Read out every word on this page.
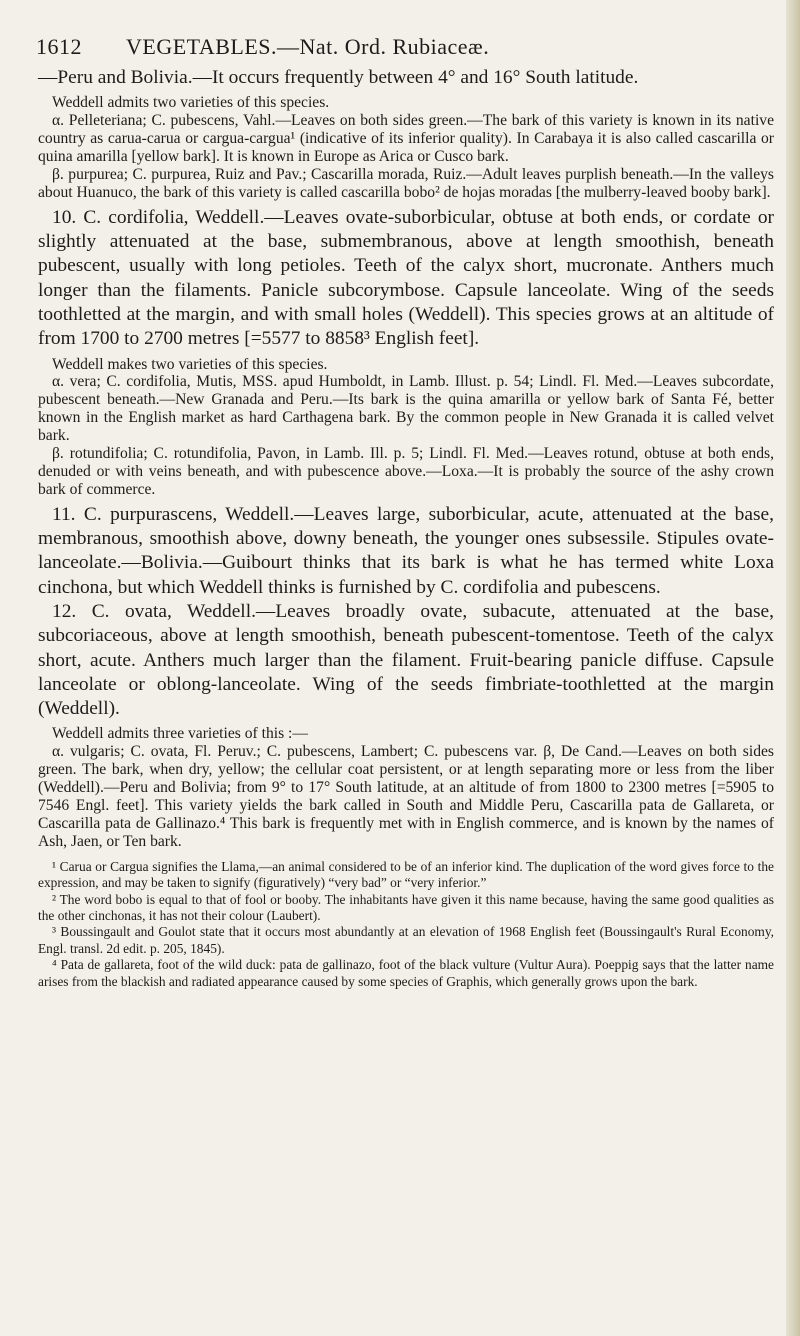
1612 VEGETABLES.—Nat. Ord. Rubiaceæ.

—Peru and Bolivia.—It occurs frequently between 4° and 16° South latitude.

Weddell admits two varieties of this species.

α. Pelleteriana; C. pubescens, Vahl.—Leaves on both sides green.—The bark of this variety is known in its native country as carua-carua or cargua-cargua¹ (indicative of its inferior quality). In Carabaya it is also called cascarilla or quina amarilla [yellow bark]. It is known in Europe as Arica or Cusco bark.

β. purpurea; C. purpurea, Ruiz and Pav.; Cascarilla morada, Ruiz.—Adult leaves purplish beneath.—In the valleys about Huanuco, the bark of this variety is called cascarilla bobo² de hojas moradas [the mulberry-leaved booby bark].

10. C. cordifolia, Weddell.—Leaves ovate-suborbicular, obtuse at both ends, or cordate or slightly attenuated at the base, submembranous, above at length smoothish, beneath pubescent, usually with long petioles. Teeth of the calyx short, mucronate. Anthers much longer than the filaments. Panicle subcorymbose. Capsule lanceolate. Wing of the seeds toothletted at the margin, and with small holes (Weddell). This species grows at an altitude of from 1700 to 2700 metres [=5577 to 8858³ English feet].

Weddell makes two varieties of this species.

α. vera; C. cordifolia, Mutis, MSS. apud Humboldt, in Lamb. Illust. p. 54; Lindl. Fl. Med.—Leaves subcordate, pubescent beneath.—New Granada and Peru.—Its bark is the quina amarilla or yellow bark of Santa Fé, better known in the English market as hard Carthagena bark. By the common people in New Granada it is called velvet bark.

β. rotundifolia; C. rotundifolia, Pavon, in Lamb. Ill. p. 5; Lindl. Fl. Med.—Leaves rotund, obtuse at both ends, denuded or with veins beneath, and with pubescence above.—Loxa.—It is probably the source of the ashy crown bark of commerce.

11. C. purpurascens, Weddell.—Leaves large, suborbicular, acute, attenuated at the base, membranous, smoothish above, downy beneath, the younger ones subsessile. Stipules ovate-lanceolate.—Bolivia.—Guibourt thinks that its bark is what he has termed white Loxa cinchona, but which Weddell thinks is furnished by C. cordifolia and pubescens.

12. C. ovata, Weddell.—Leaves broadly ovate, subacute, attenuated at the base, subcoriaceous, above at length smoothish, beneath pubescent-tomentose. Teeth of the calyx short, acute. Anthers much larger than the filament. Fruit-bearing panicle diffuse. Capsule lanceolate or oblong-lanceolate. Wing of the seeds fimbriate-toothletted at the margin (Weddell).

Weddell admits three varieties of this :—

α. vulgaris; C. ovata, Fl. Peruv.; C. pubescens, Lambert; C. pubescens var. β, De Cand.—Leaves on both sides green. The bark, when dry, yellow; the cellular coat persistent, or at length separating more or less from the liber (Weddell).—Peru and Bolivia; from 9° to 17° South latitude, at an altitude of from 1800 to 2300 metres [=5905 to 7546 Engl. feet]. This variety yields the bark called in South and Middle Peru, Cascarilla pata de Gallareta, or Cascarilla pata de Gallinazo.⁴ This bark is frequently met with in English commerce, and is known by the names of Ash, Jaen, or Ten bark.

¹ Carua or Cargua signifies the Llama,—an animal considered to be of an inferior kind. The duplication of the word gives force to the expression, and may be taken to signify (figuratively) “very bad” or “very inferior.”

² The word bobo is equal to that of fool or booby. The inhabitants have given it this name because, having the same good qualities as the other cinchonas, it has not their colour (Laubert).

³ Boussingault and Goulot state that it occurs most abundantly at an elevation of 1968 English feet (Boussingault's Rural Economy, Engl. transl. 2d edit. p. 205, 1845).

⁴ Pata de gallareta, foot of the wild duck: pata de gallinazo, foot of the black vulture (Vultur Aura). Poeppig says that the latter name arises from the blackish and radiated appearance caused by some species of Graphis, which generally grows upon the bark.
